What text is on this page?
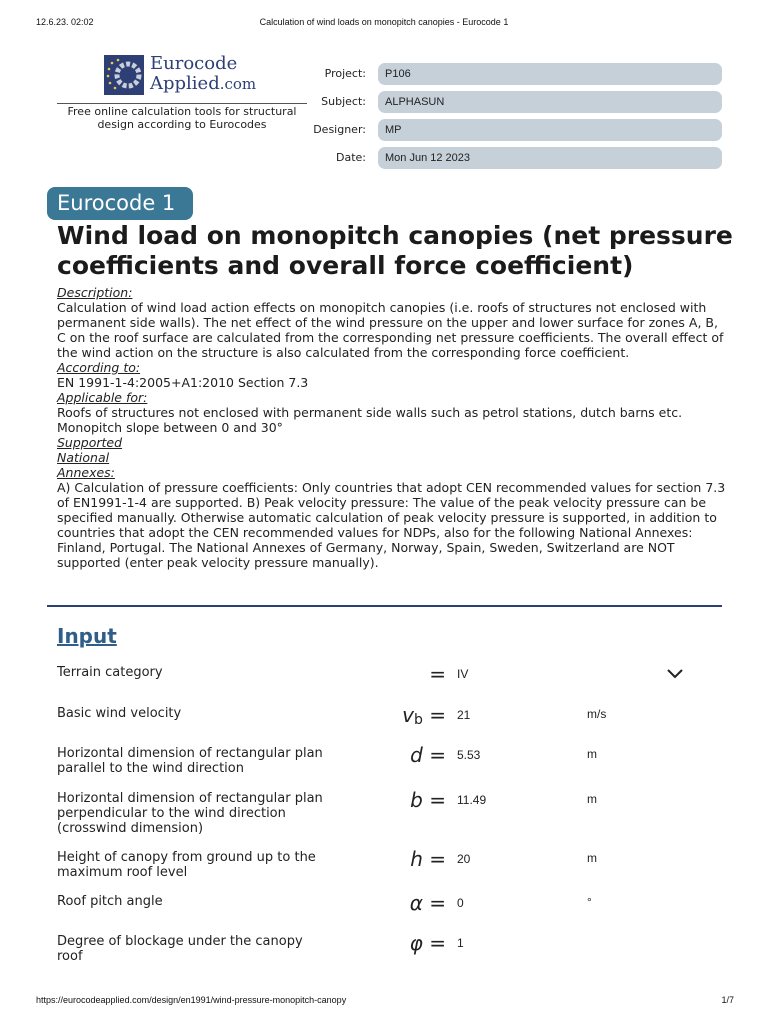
12.6.23. 02:02	Calculation of wind loads on monopitch canopies - Eurocode 1
Eurocode
Applied.com
Free online calculation tools for structural design according to Eurocodes
Project: P106
Subject: ALPHASUN
Designer: MP
Date: Mon Jun 12 2023
Eurocode 1
Wind load on monopitch canopies (net pressure coefficients and overall force coefficient)
Description:
Calculation of wind load action effects on monopitch canopies (i.e. roofs of structures not enclosed with permanent side walls). The net effect of the wind pressure on the upper and lower surface for zones A, B, C on the roof surface are calculated from the corresponding net pressure coefficients. The overall effect of the wind action on the structure is also calculated from the corresponding force coefficient.
According to:
EN 1991-1-4:2005+A1:2010 Section 7.3
Applicable for:
Roofs of structures not enclosed with permanent side walls such as petrol stations, dutch barns etc. Monopitch slope between 0 and 30°
Supported
National
Annexes:
A) Calculation of pressure coefficients: Only countries that adopt CEN recommended values for section 7.3 of EN1991-1-4 are supported. B) Peak velocity pressure: The value of the peak velocity pressure can be specified manually. Otherwise automatic calculation of peak velocity pressure is supported, in addition to countries that adopt the CEN recommended values for NDPs, also for the following National Annexes: Finland, Portugal. The National Annexes of Germany, Norway, Spain, Sweden, Switzerland are NOT supported (enter peak velocity pressure manually).
Input
Terrain category	= IV
Basic wind velocity	$v_b = 21$	m/s
Horizontal dimension of rectangular plan parallel to the wind direction
d = 5.53	m
Horizontal dimension of rectangular plan perpendicular to the wind direction (crosswind dimension)
b = 11.49	m
Height of canopy from ground up to the maximum roof level
h = 20	m
Roof pitch angle	α = 0	°
Degree of blockage under the canopy roof
φ = 1
https://eurocodeapplied.com/design/en1991/wind-pressure-monopitch-canopy	1/7
